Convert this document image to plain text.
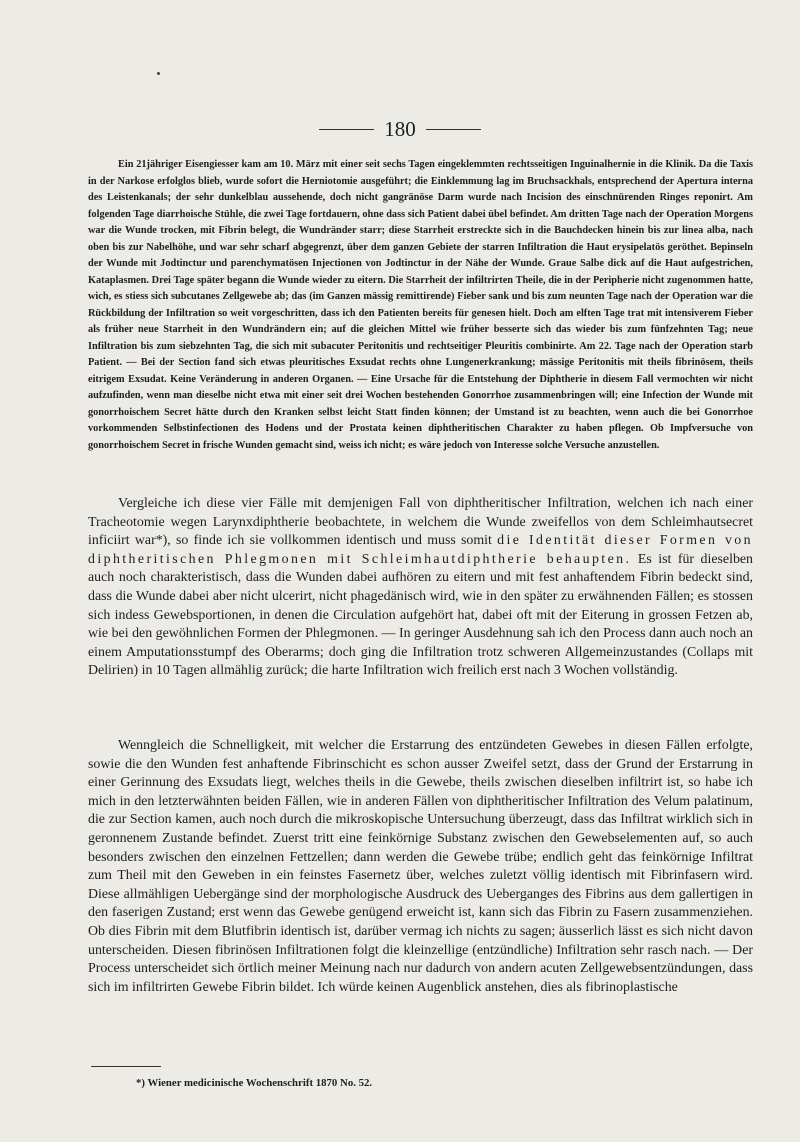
180
Ein 21jähriger Eisengiesser kam am 10. März mit einer seit sechs Tagen eingeklemmten rechtsseitigen Inguinalhernie in die Klinik. Da die Taxis in der Narkose erfolglos blieb, wurde sofort die Herniotomie ausgeführt; die Einklemmung lag im Bruchsackhals, entsprechend der Apertura interna des Leistenkanals; der sehr dunkelblau aussehende, doch nicht gangränöse Darm wurde nach Incision des einschnürenden Ringes reponirt. Am folgenden Tage diarrhoische Stühle, die zwei Tage fortdauern, ohne dass sich Patient dabei übel befindet. Am dritten Tage nach der Operation Morgens war die Wunde trocken, mit Fibrin belegt, die Wundränder starr; diese Starrheit erstreckte sich in die Bauchdecken hinein bis zur linea alba, nach oben bis zur Nabelhöhe, und war sehr scharf abgegrenzt, über dem ganzen Gebiete der starren Infiltration die Haut erysipelatös geröthet. Bepinseln der Wunde mit Jodtinctur und parenchymatösen Injectionen von Jodtinctur in der Nähe der Wunde. Graue Salbe dick auf die Haut aufgestrichen, Kataplasmen. Drei Tage später begann die Wunde wieder zu eitern. Die Starrheit der infiltrirten Theile, die in der Peripherie nicht zugenommen hatte, wich, es stiess sich subcutanes Zellgewebe ab; das (im Ganzen mässig remittirende) Fieber sank und bis zum neunten Tage nach der Operation war die Rückbildung der Infiltration so weit vorgeschritten, dass ich den Patienten bereits für genesen hielt. Doch am elften Tage trat mit intensiverem Fieber als früher neue Starrheit in den Wundrändern ein; auf die gleichen Mittel wie früher besserte sich das wieder bis zum fünfzehnten Tag; neue Infiltration bis zum siebzehnten Tag, die sich mit subacuter Peritonitis und rechtseitiger Pleuritis combinirte. Am 22. Tage nach der Operation starb Patient. — Bei der Section fand sich etwas pleuritisches Exsudat rechts ohne Lungenerkrankung; mässige Peritonitis mit theils fibrinösem, theils eitrigem Exsudat. Keine Veränderung in anderen Organen. — Eine Ursache für die Entstehung der Diphtherie in diesem Fall vermochten wir nicht aufzufinden, wenn man dieselbe nicht etwa mit einer seit drei Wochen bestehenden Gonorrhoe zusammenbringen will; eine Infection der Wunde mit gonorrhoischem Secret hätte durch den Kranken selbst leicht Statt finden können; der Umstand ist zu beachten, wenn auch die bei Gonorrhoe vorkommenden Selbstinfectionen des Hodens und der Prostata keinen diphtheritischen Charakter zu haben pflegen. Ob Impfversuche von gonorrhoischem Secret in frische Wunden gemacht sind, weiss ich nicht; es wäre jedoch von Interesse solche Versuche anzustellen.

Vergleiche ich diese vier Fälle mit demjenigen Fall von diphtheritischer Infiltration, welchen ich nach einer Tracheotomie wegen Larynxdiphtherie beobachtete, in welchem die Wunde zweifellos von dem Schleimhautsecret inficiirt war*), so finde ich sie vollkommen identisch und muss somit die Identität dieser Formen von diphtheritischen Phlegmonen mit Schleimhautdiphtherie behaupten. Es ist für dieselben auch noch charakteristisch, dass die Wunden dabei aufhören zu eitern und mit fest anhaftendem Fibrin bedeckt sind, dass die Wunde dabei aber nicht ulcerirt, nicht phagedänisch wird, wie in den später zu erwähnenden Fällen; es stossen sich indess Gewebsportionen, in denen die Circulation aufgehört hat, dabei oft mit der Eiterung in grossen Fetzen ab, wie bei den gewöhnlichen Formen der Phlegmonen. — In geringer Ausdehnung sah ich den Process dann auch noch an einem Amputationsstumpf des Oberarms; doch ging die Infiltration trotz schweren Allgemeinzustandes (Collaps mit Delirien) in 10 Tagen allmählig zurück; die harte Infiltration wich freilich erst nach 3 Wochen vollständig.

Wenngleich die Schnelligkeit, mit welcher die Erstarrung des entzündeten Gewebes in diesen Fällen erfolgte, sowie die den Wunden fest anhaftende Fibrinschicht es schon ausser Zweifel setzt, dass der Grund der Erstarrung in einer Gerinnung des Exsudats liegt, welches theils in die Gewebe, theils zwischen dieselben infiltrirt ist, so habe ich mich in den letzterwähnten beiden Fällen, wie in anderen Fällen von diphtheritischer Infiltration des Velum palatinum, die zur Section kamen, auch noch durch die mikroskopische Untersuchung überzeugt, dass das Infiltrat wirklich sich in geronnenem Zustande befindet. Zuerst tritt eine feinkörnige Substanz zwischen den Gewebselementen auf, so auch besonders zwischen den einzelnen Fettzellen; dann werden die Gewebe trübe; endlich geht das feinkörnige Infiltrat zum Theil mit den Geweben in ein feinstes Fasernetz über, welches zuletzt völlig identisch mit Fibrinfasern wird. Diese allmähligen Uebergänge sind der morphologische Ausdruck des Ueberganges des Fibrins aus dem gallertigen in den faserigen Zustand; erst wenn das Gewebe genügend erweicht ist, kann sich das Fibrin zu Fasern zusammenziehen. Ob dies Fibrin mit dem Blutfibrin identisch ist, darüber vermag ich nichts zu sagen; äusserlich lässt es sich nicht davon unterscheiden. Diesen fibrinösen Infiltrationen folgt die kleinzellige (entzündliche) Infiltration sehr rasch nach. — Der Process unterscheidet sich örtlich meiner Meinung nach nur dadurch von andern acuten Zellgewebsentzündungen, dass sich im infiltrirten Gewebe Fibrin bildet. Ich würde keinen Augenblick anstehen, dies als fibrinoplastische

*) Wiener medicinische Wochenschrift 1870 No. 52.
